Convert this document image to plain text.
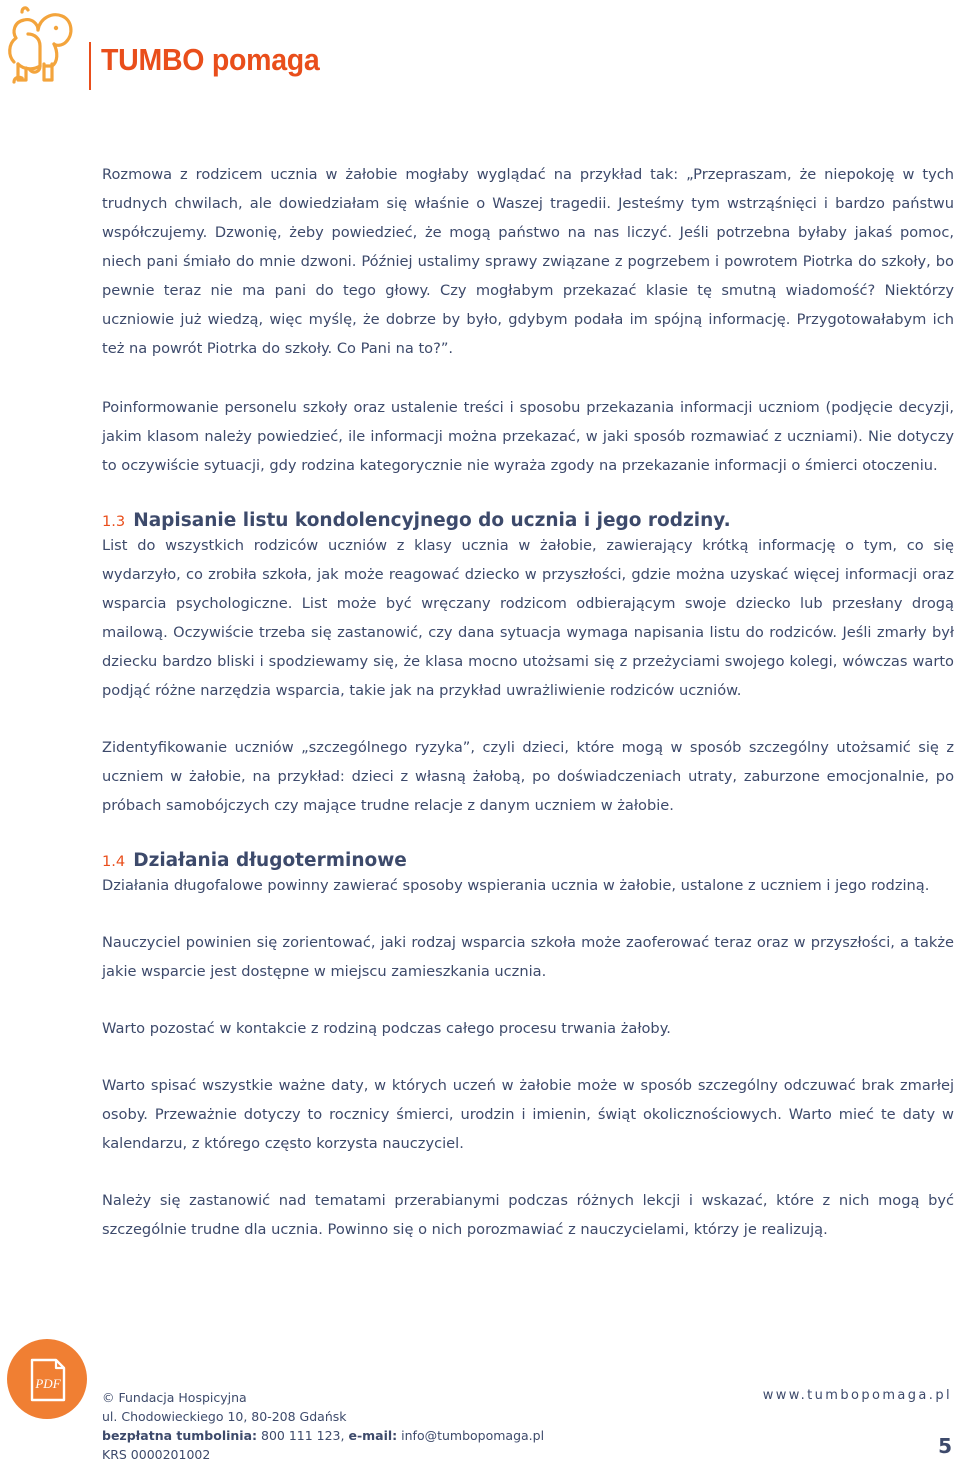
TUMBO pomaga

Rozmowa z rodzicem ucznia w żałobie mogłaby wyglądać na przykład tak: „Przepraszam, że niepokoję w tych trudnych chwilach, ale dowiedziałam się właśnie o Waszej tragedii. Jesteśmy tym wstrząśnięci i bardzo państwu współczujemy. Dzwonię, żeby powiedzieć, że mogą państwo na nas liczyć. Jeśli potrzebna byłaby jakaś pomoc, niech pani śmiało do mnie dzwoni. Później ustalimy sprawy związane z pogrzebem i powrotem Piotrka do szkoły, bo pewnie teraz nie ma pani do tego głowy. Czy mogłabym przekazać klasie tę smutną wiadomość? Niektórzy uczniowie już wiedzą, więc myślę, że dobrze by było, gdybym podała im spójną informację. Przygotowałabym ich też na powrót Piotrka do szkoły. Co Pani na to?”.

Poinformowanie personelu szkoły oraz ustalenie treści i sposobu przekazania informacji uczniom (podjęcie decyzji, jakim klasom należy powiedzieć, ile informacji można przekazać, w jaki sposób rozmawiać z uczniami). Nie dotyczy to oczywiście sytuacji, gdy rodzina kategorycznie nie wyraża zgody na przekazanie informacji o śmierci otoczeniu.

1.3 Napisanie listu kondolencyjnego do ucznia i jego rodziny.

List do wszystkich rodziców uczniów z klasy ucznia w żałobie, zawierający krótką informację o tym, co się wydarzyło, co zrobiła szkoła, jak może reagować dziecko w przyszłości, gdzie można uzyskać więcej informacji oraz wsparcia psychologiczne. List może być wręczany rodzicom odbierającym swoje dziecko lub przesłany drogą mailową. Oczywiście trzeba się zastanowić, czy dana sytuacja wymaga napisania listu do rodziców. Jeśli zmarły był dziecku bardzo bliski i spodziewamy się, że klasa mocno utożsami się z przeżyciami swojego kolegi, wówczas warto podjąć różne narzędzia wsparcia, takie jak na przykład uwrażliwienie rodziców uczniów.

Zidentyfikowanie uczniów „szczególnego ryzyka”, czyli dzieci, które mogą w sposób szczególny utożsamić się z uczniem w żałobie, na przykład: dzieci z własną żałobą, po doświadczeniach utraty, zaburzone emocjonalnie, po próbach samobójczych czy mające trudne relacje z danym uczniem w żałobie.

1.4 Działania długoterminowe

Działania długofalowe powinny zawierać sposoby wspierania ucznia w żałobie, ustalone z uczniem i jego rodziną.

Nauczyciel powinien się zorientować, jaki rodzaj wsparcia szkoła może zaoferować teraz oraz w przyszłości, a także jakie wsparcie jest dostępne w miejscu zamieszkania ucznia.

Warto pozostać w kontakcie z rodziną podczas całego procesu trwania żałoby.

Warto spisać wszystkie ważne daty, w których uczeń w żałobie może w sposób szczególny odczuwać brak zmarłej osoby. Przeważnie dotyczy to rocznicy śmierci, urodzin i imienin, świąt okolicznościowych. Warto mieć te daty w kalendarzu, z którego często korzysta nauczyciel.

Należy się zastanowić nad tematami przerabianymi podczas różnych lekcji i wskazać, które z nich mogą być szczególnie trudne dla ucznia. Powinno się o nich porozmawiać z nauczycielami, którzy je realizują.

PDF
© Fundacja Hospicyjna
ul. Chodowieckiego 10, 80-208 Gdańsk
bezpłatna tumbolinia: 800 111 123, e-mail: info@tumbopomaga.pl
KRS 0000201002
www.tumbopomaga.pl
5
